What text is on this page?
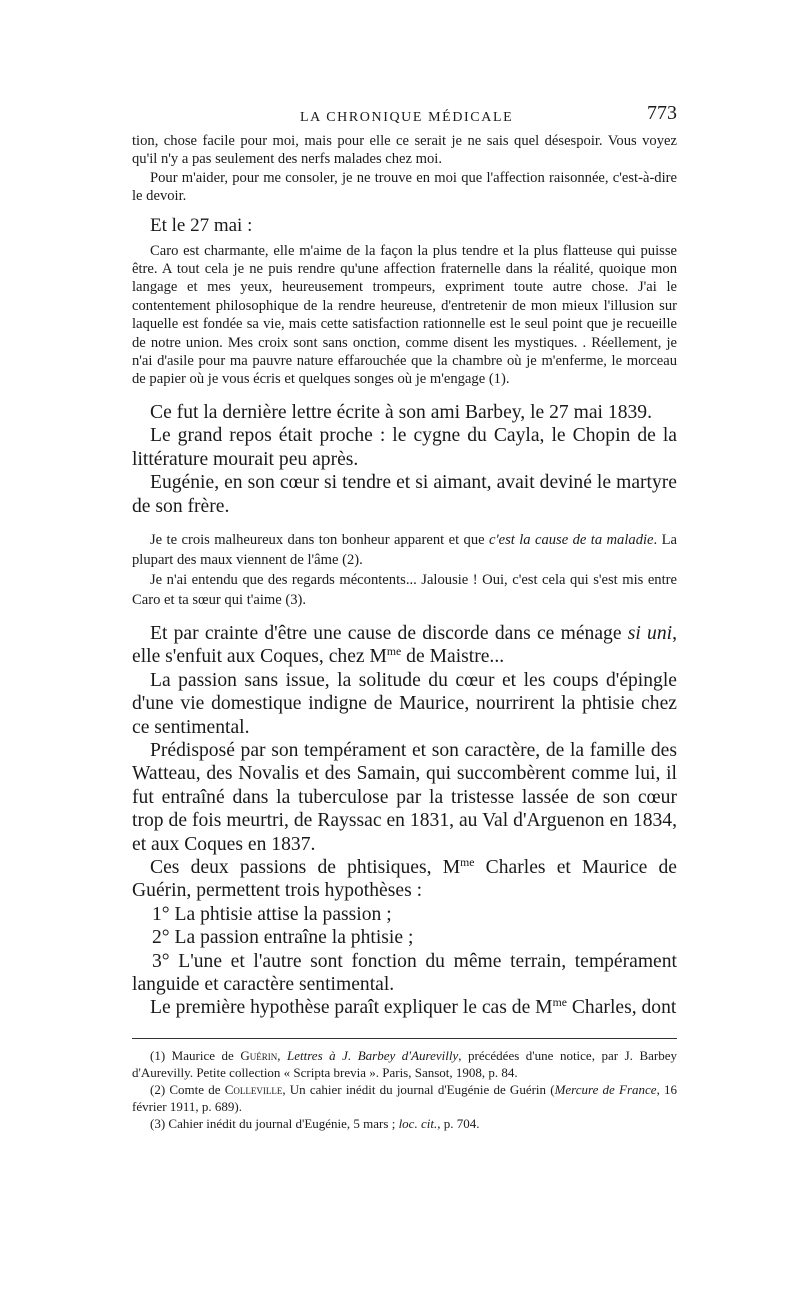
LA CHRONIQUE MÉDICALE	773

tion, chose facile pour moi, mais pour elle ce serait je ne sais quel désespoir. Vous voyez qu'il n'y a pas seulement des nerfs malades chez moi.

Pour m'aider, pour me consoler, je ne trouve en moi que l'affection raisonnée, c'est-à-dire le devoir.

Et le 27 mai :

Caro est charmante, elle m'aime de la façon la plus tendre et la plus flatteuse qui puisse être. A tout cela je ne puis rendre qu'une affection fraternelle dans la réalité, quoique mon langage et mes yeux, heureusement trompeurs, expriment toute autre chose. J'ai le contentement philosophique de la rendre heureuse, d'entretenir de mon mieux l'illusion sur laquelle est fondée sa vie, mais cette satisfaction rationnelle est le seul point que je recueille de notre union. Mes croix sont sans onction, comme disent les mystiques. . Réellement, je n'ai d'asile pour ma pauvre nature effarouchée que la chambre où je m'enferme, le morceau de papier où je vous écris et quelques songes où je m'engage (1).

Ce fut la dernière lettre écrite à son ami Barbey, le 27 mai 1839.

Le grand repos était proche : le cygne du Cayla, le Chopin de la littérature mourait peu après.

Eugénie, en son cœur si tendre et si aimant, avait deviné le martyre de son frère.

Je te crois malheureux dans ton bonheur apparent et que c'est la cause de ta maladie. La plupart des maux viennent de l'âme (2).

Je n'ai entendu que des regards mécontents... Jalousie ! Oui, c'est cela qui s'est mis entre Caro et ta sœur qui t'aime (3).

Et par crainte d'être une cause de discorde dans ce ménage si uni, elle s'enfuit aux Coques, chez $M^{me}$ de Maistre...

La passion sans issue, la solitude du cœur et les coups d'épingle d'une vie domestique indigne de Maurice, nourrirent la phtisie chez ce sentimental.

Prédisposé par son tempérament et son caractère, de la famille des Watteau, des Novalis et des Samain, qui succombèrent comme lui, il fut entraîné dans la tuberculose par la tristesse lassée de son cœur trop de fois meurtri, de Rayssac en 1831, au Val d'Arguenon en 1834, et aux Coques en 1837.

Ces deux passions de phtisiques, $M^{me}$ Charles et Maurice de Guérin, permettent trois hypothèses :

1° La phtisie attise la passion ;

2° La passion entraîne la phtisie ;

3° L'une et l'autre sont fonction du même terrain, tempérament languide et caractère sentimental.

Le première hypothèse paraît expliquer le cas de $M^{me}$ Charles, dont

(1) Maurice de Guérin, Lettres à J. Barbey d'Aurevilly, précédées d'une notice, par J. Barbey d'Aurevilly. Petite collection « Scripta brevia ». Paris, Sansot, 1908, p. 84.

(2) Comte de Colleville, Un cahier inédit du journal d'Eugénie de Guérin (Mercure de France, 16 février 1911, p. 689).

(3) Cahier inédit du journal d'Eugénie, 5 mars ; loc. cit., p. 704.
